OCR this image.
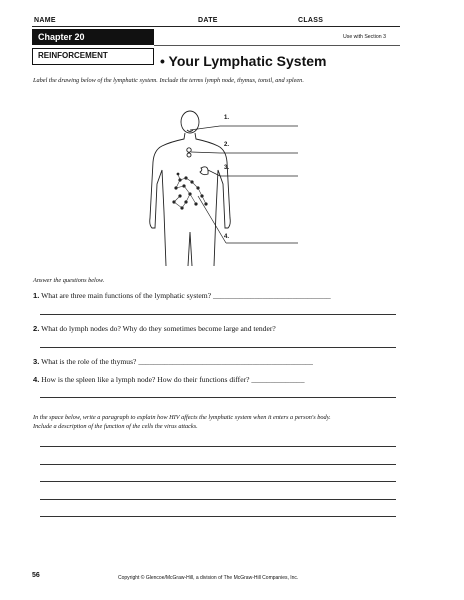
NAME	DATE	CLASS
Chapter 20	Use with Section 3
REINFORCEMENT	• Your Lymphatic System
Label the drawing below of the lymphatic system. Include the terms lymph node, thymus, tonsil, and spleen.
1.
2.
3.
4.
Answer the questions below.
1. What are three main functions of the lymphatic system? _______________________________
2. What do lymph nodes do? Why do they sometimes become large and tender?
3. What is the role of the thymus? ______________________________________________
4. How is the spleen like a lymph node? How do their functions differ? ______________
In the space below, write a paragraph to explain how HIV affects the lymphatic system when it enters a person's body.
Include a description of the function of the cells the virus attacks.
56	Copyright © Glencoe/McGraw-Hill, a division of The McGraw-Hill Companies, Inc.
